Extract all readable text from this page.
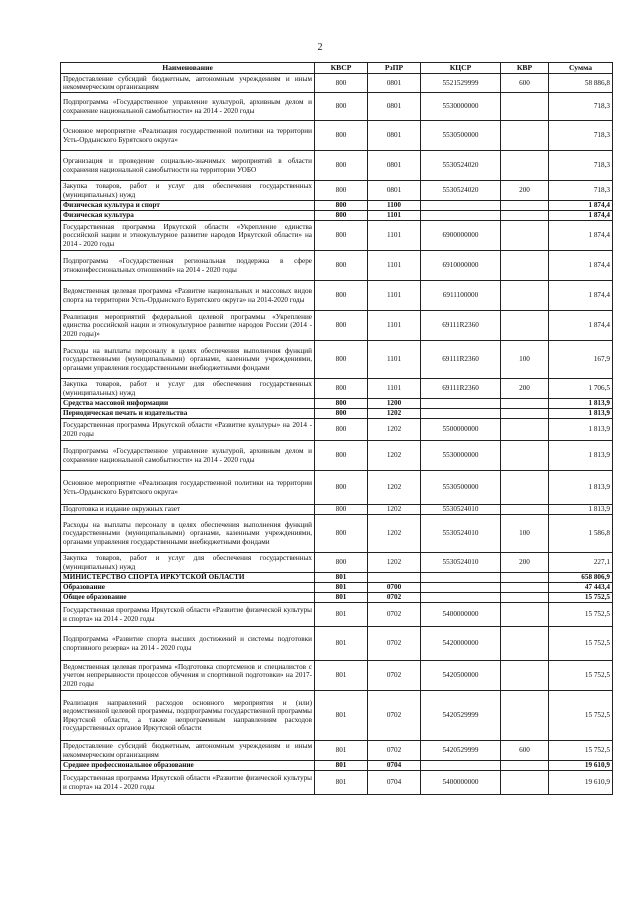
2
Наименование	КВСР	РзПР	КЦСР	КВР	Сумма
Предоставление субсидий бюджетным, автономным учреждениям и иным некоммерческим организациям	800	0801	5521529999	600	58 886,8
Подпрограмма «Государственное управление культурой, архивным делом и сохранение национальной самобытности» на 2014 - 2020 годы	800	0801	5530000000		718,3
Основное мероприятие «Реализация государственной политики на территории Усть-Ордынского Бурятского округа»	800	0801	5530500000		718,3
Организация и проведение социально-значимых мероприятий в области сохранения национальной самобытности на территории УОБО	800	0801	5530524020		718,3
Закупка товаров, работ и услуг для обеспечения государственных (муниципальных) нужд	800	0801	5530524020	200	718,3
Физическая культура и спорт	800	1100			1 874,4
Физическая культура	800	1101			1 874,4
Государственная программа Иркутской области «Укрепление единства российской нации и этнокультурное развитие народов Иркутской области» на 2014 - 2020 годы	800	1101	6900000000		1 874,4
Подпрограмма «Государственная региональная поддержка в сфере этноконфессиональных отношений» на 2014 - 2020 годы	800	1101	6910000000		1 874,4
Ведомственная целевая программа «Развитие национальных и массовых видов спорта на территории Усть-Ордынского Бурятского округа» на 2014-2020 годы	800	1101	6911100000		1 874,4
Реализация мероприятий федеральной целевой программы «Укрепление единства российской нации и этнокультурное развитие народов России (2014 - 2020 годы)»	800	1101	69111R2360		1 874,4
Расходы на выплаты персоналу в целях обеспечения выполнения функций государственными (муниципальными) органами, казенными учреждениями, органами управления государственными внебюджетными фондами	800	1101	69111R2360	100	167,9
Закупка товаров, работ и услуг для обеспечения государственных (муниципальных) нужд	800	1101	69111R2360	200	1 706,5
Средства массовой информации	800	1200			1 813,9
Периодическая печать и издательства	800	1202			1 813,9
Государственная программа Иркутской области «Развитие культуры» на 2014 - 2020 годы	800	1202	5500000000		1 813,9
Подпрограмма «Государственное управление культурой, архивным делом и сохранение национальной самобытности» на 2014 - 2020 годы	800	1202	5530000000		1 813,9
Основное мероприятие «Реализация государственной политики на территории Усть-Ордынского Бурятского округа»	800	1202	5530500000		1 813,9
Подготовка и издание окружных газет	800	1202	5530524010		1 813,9
Расходы на выплаты персоналу в целях обеспечения выполнения функций государственными (муниципальными) органами, казенными учреждениями, органами управления государственными внебюджетными фондами	800	1202	5530524010	100	1 586,8
Закупка товаров, работ и услуг для обеспечения государственных (муниципальных) нужд	800	1202	5530524010	200	227,1
МИНИСТЕРСТВО СПОРТА ИРКУТСКОЙ ОБЛАСТИ	801				658 806,9
Образование	801	0700			47 443,4
Общее образование	801	0702			15 752,5
Государственная программа Иркутской области «Развитие физической культуры и спорта» на 2014 - 2020 годы	801	0702	5400000000		15 752,5
Подпрограмма «Развитие спорта высших достижений и системы подготовки спортивного резерва» на 2014 - 2020 годы	801	0702	5420000000		15 752,5
Ведомственная целевая программа «Подготовка спортсменов и специалистов с учетом непрерывности процессов обучения и спортивной подготовки» на 2017-2020 годы	801	0702	5420500000		15 752,5
Реализация направлений расходов основного мероприятия и (или) ведомственной целевой программы, подпрограммы государственной программы Иркутской области, а также непрограммным направлениям расходов государственных органов Иркутской области	801	0702	5420529999		15 752,5
Предоставление субсидий бюджетным, автономным учреждениям и иным некоммерческим организациям	801	0702	5420529999	600	15 752,5
Среднее профессиональное образование	801	0704			19 610,9
Государственная программа Иркутской области «Развитие физической культуры и спорта» на 2014 - 2020 годы	801	0704	5400000000		19 610,9
